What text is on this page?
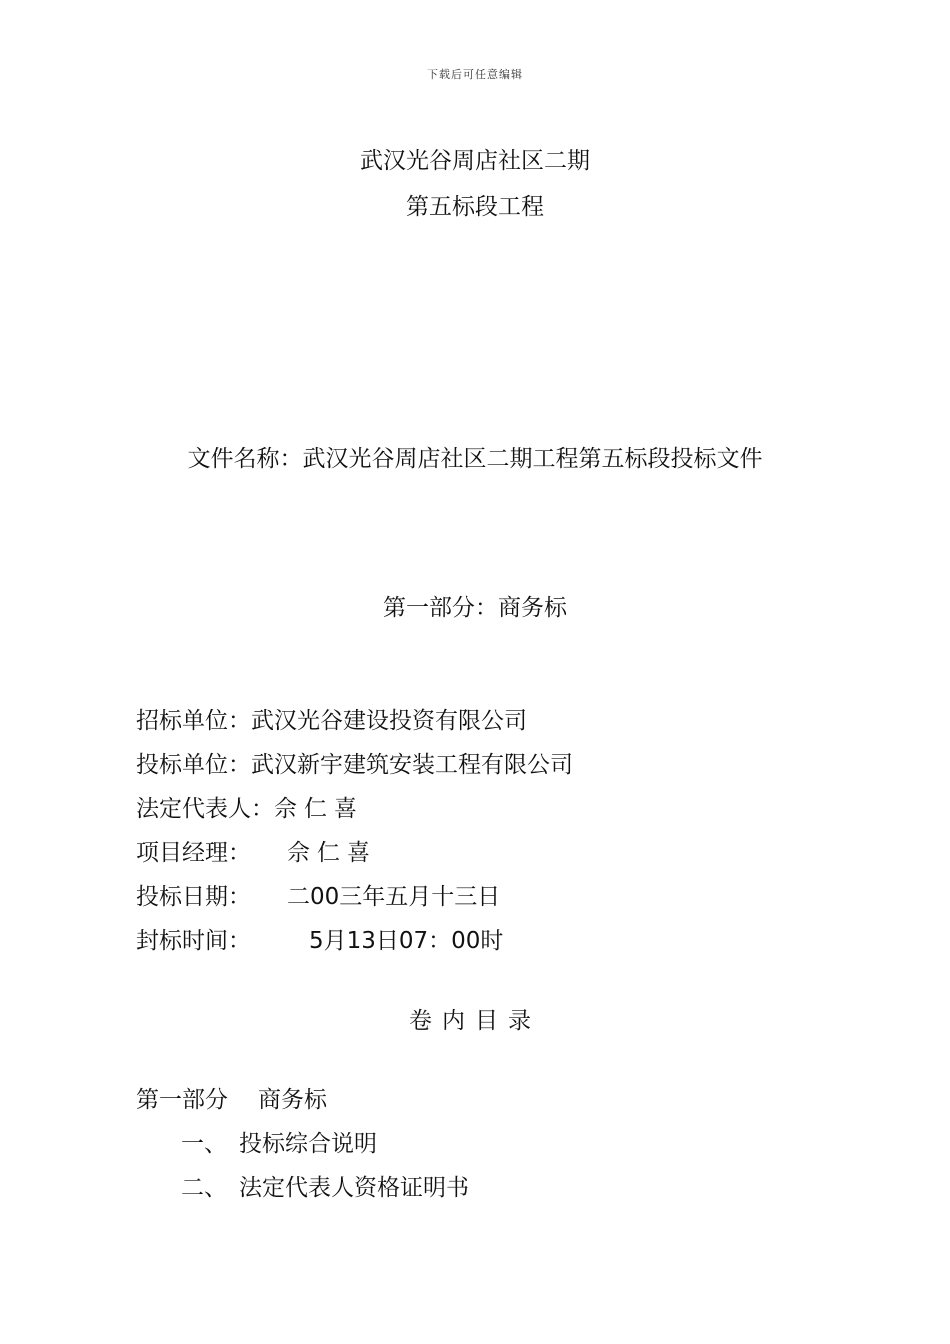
下载后可任意编辑
武汉光谷周店社区二期
第五标段工程
文件名称：武汉光谷周店社区二期工程第五标段投标文件
第一部分：商务标
招标单位：武汉光谷建设投资有限公司
投标单位：武汉新宇建筑安装工程有限公司
法定代表人：佘仁喜
项目经理： 佘仁喜
投标日期： 二00三年五月十三日
封标时间：	5月13日07：00时
卷内目录
第一部分 商务标
一、 投标综合说明
二、 法定代表人资格证明书
